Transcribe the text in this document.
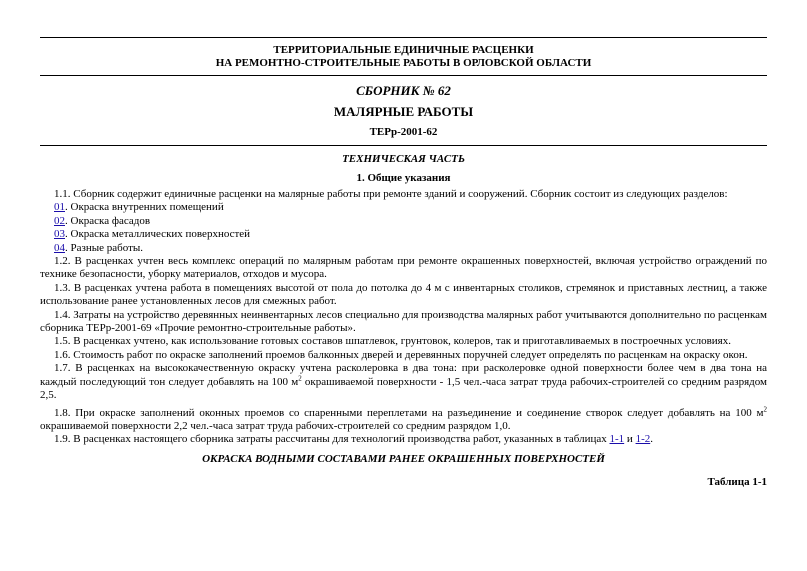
ТЕРРИТОРИАЛЬНЫЕ ЕДИНИЧНЫЕ РАСЦЕНКИ
НА РЕМОНТНО-СТРОИТЕЛЬНЫЕ РАБОТЫ В ОРЛОВСКОЙ ОБЛАСТИ
СБОРНИК № 62
МАЛЯРНЫЕ РАБОТЫ
ТЕРр-2001-62
ТЕХНИЧЕСКАЯ ЧАСТЬ
1. Общие указания

1.1. Сборник содержит единичные расценки на малярные работы при ремонте зданий и сооружений. Сборник состоит из следующих разделов:

01. Окраска внутренних помещений

02. Окраска фасадов

03. Окраска металлических поверхностей

04. Разные работы.

1.2. В расценках учтен весь комплекс операций по малярным работам при ремонте окрашенных поверхностей, включая устройство ограждений по технике безопасности, уборку материалов, отходов и мусора.

1.3. В расценках учтена работа в помещениях высотой от пола до потолка до 4 м с инвентарных столиков, стремянок и приставных лестниц, а также использование ранее установленных лесов для смежных работ.

1.4. Затраты на устройство деревянных неинвентарных лесов специально для производства малярных работ учитываются дополнительно по расценкам сборника ТЕРр-2001-69 «Прочие ремонтно-строительные работы».

1.5. В расценках учтено, как использование готовых составов шпатлевок, грунтовок, колеров, так и приготавливаемых в построечных условиях.

1.6. Стоимость работ по окраске заполнений проемов балконных дверей и деревянных поручней следует определять по расценкам на окраску окон.

1.7. В расценках на высококачественную окраску учтена расколеровка в два тона: при расколеровке одной поверхности более чем в два тона на каждый последующий тон следует добавлять на 100 $м^2$ окрашиваемой поверхности - 1,5 чел.-часа затрат труда рабочих-строителей со средним разрядом 2,5.

1.8. При окраске заполнений оконных проемов со спаренными переплетами на разъединение и соединение створок следует добавлять на 100 $м^2$ окрашиваемой поверхности 2,2 чел.-часа затрат труда рабочих-строителей со средним разрядом 1,0.

1.9. В расценках настоящего сборника затраты рассчитаны для технологий производства работ, указанных в таблицах 1-1 и 1-2.

ОКРАСКА ВОДНЫМИ СОСТАВАМИ РАНЕЕ ОКРАШЕННЫХ ПОВЕРХНОСТЕЙ
Таблица 1-1
